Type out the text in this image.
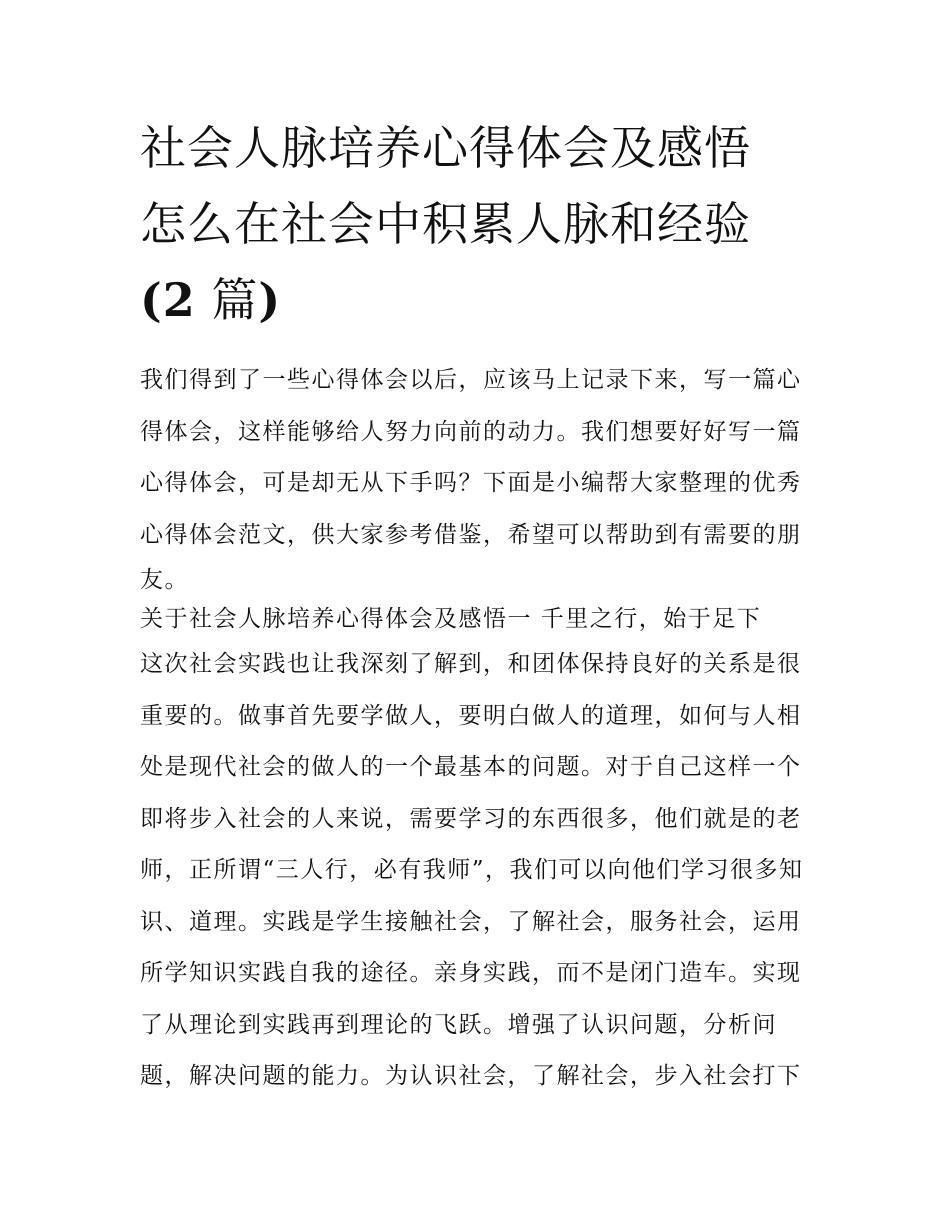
社会人脉培养心得体会及感悟
怎么在社会中积累人脉和经验
(2 篇)
我们得到了一些心得体会以后，应该马上记录下来，写一篇心
得体会，这样能够给人努力向前的动力。我们想要好好写一篇
心得体会，可是却无从下手吗？下面是小编帮大家整理的优秀
心得体会范文，供大家参考借鉴，希望可以帮助到有需要的朋
友。
关于社会人脉培养心得体会及感悟一 千里之行，始于足下
这次社会实践也让我深刻了解到，和团体保持良好的关系是很
重要的。做事首先要学做人，要明白做人的道理，如何与人相
处是现代社会的做人的一个最基本的问题。对于自己这样一个
即将步入社会的人来说，需要学习的东西很多，他们就是的老
师，正所谓“三人行，必有我师”，我们可以向他们学习很多知
识、道理。实践是学生接触社会，了解社会，服务社会，运用
所学知识实践自我的途径。亲身实践，而不是闭门造车。实现
了从理论到实践再到理论的飞跃。增强了认识问题，分析问
题，解决问题的能力。为认识社会，了解社会，步入社会打下
